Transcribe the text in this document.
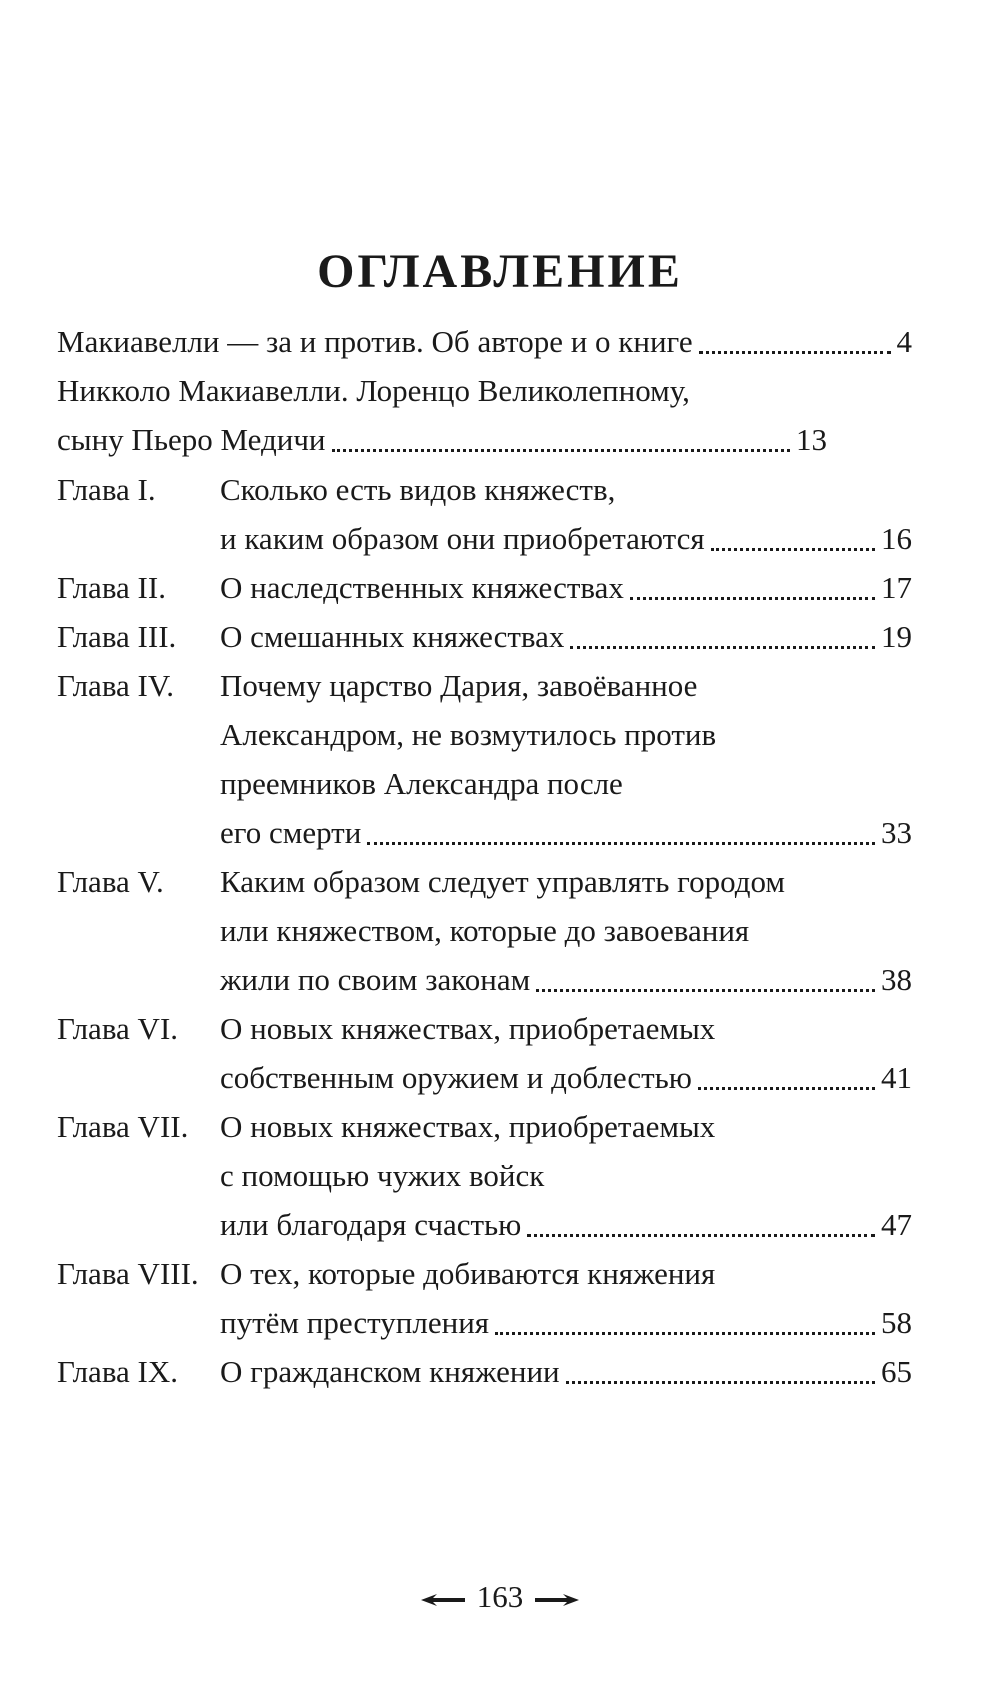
ОГЛАВЛЕНИЕ
Макиавелли — за и против. Об авторе и о книге	4
Никколо Макиавелли. Лоренцо Великолепному,
сыну Пьеро Медичи	13
Глава I.	Сколько есть видов княжеств,
и каким образом они приобретаются	16
Глава II.	О наследственных княжествах	17
Глава III.	О смешанных княжествах	19
Глава IV.	Почему царство Дария, завоёванное
Александром, не возмутилось против
преемников Александра после
его смерти	33
Глава V.	Каким образом следует управлять городом
или княжеством, которые до завоевания
жили по своим законам	38
Глава VI.	О новых княжествах, приобретаемых
собственным оружием и доблестью	41
Глава VII.	О новых княжествах, приобретаемых
с помощью чужих войск
или благодаря счастью	47
Глава VIII. О тех, которые добиваются княжения
путём преступления	58
Глава IX.	О гражданском княжении	65
163
